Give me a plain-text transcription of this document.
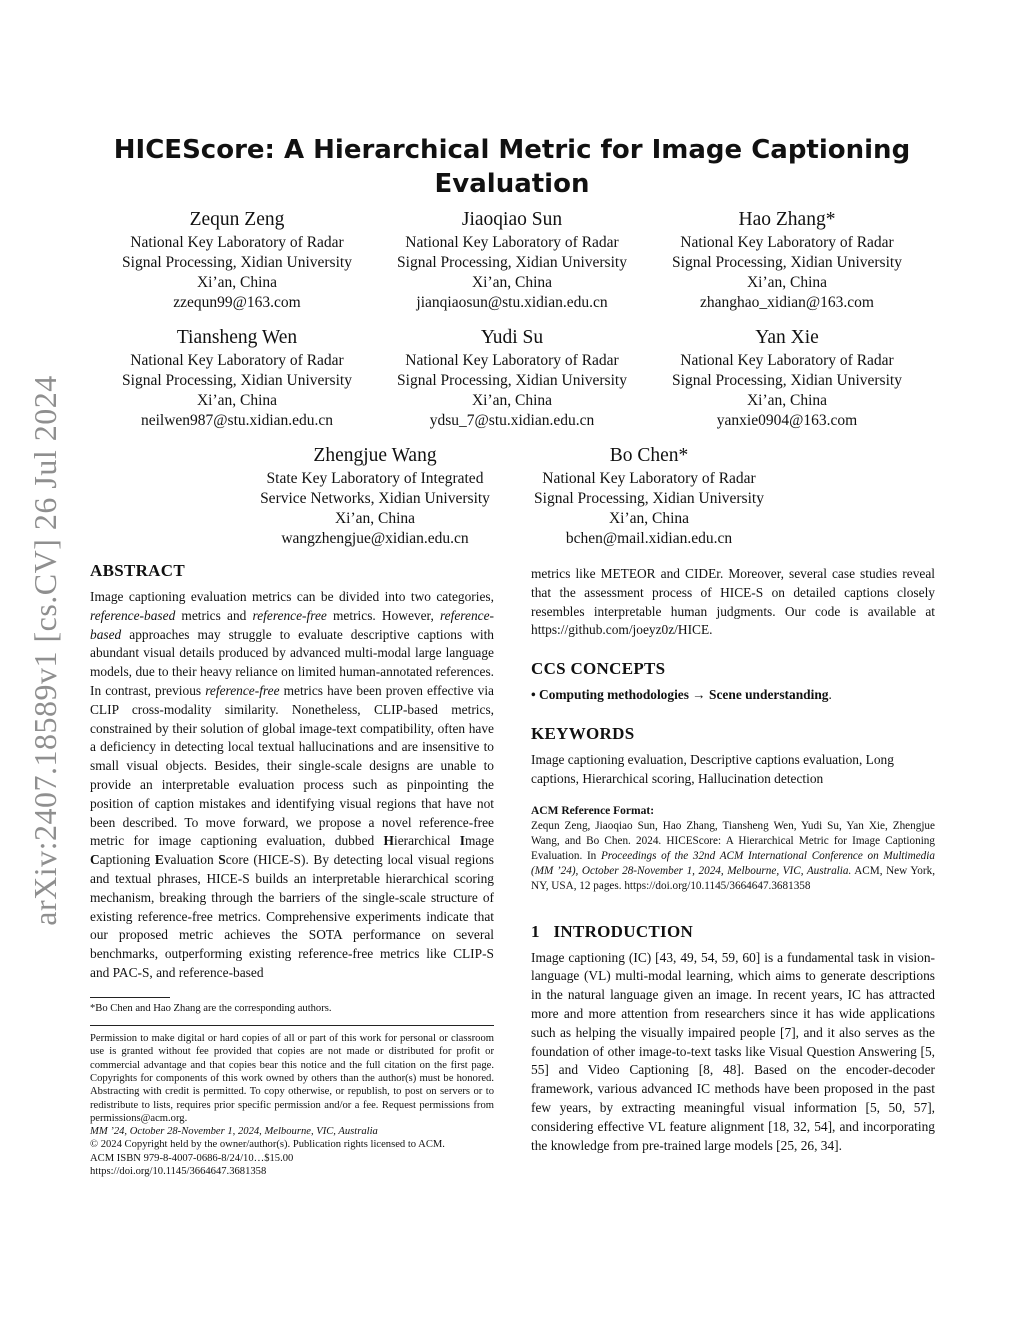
arXiv:2407.18589v1 [cs.CV] 26 Jul 2024
HICEScore: A Hierarchical Metric for Image Captioning Evaluation
Zequn Zeng
National Key Laboratory of Radar
Signal Processing, Xidian University
Xi’an, China
zzequn99@163.com
Jiaoqiao Sun
National Key Laboratory of Radar
Signal Processing, Xidian University
Xi’an, China
jianqiaosun@stu.xidian.edu.cn
Hao Zhang*
National Key Laboratory of Radar
Signal Processing, Xidian University
Xi’an, China
zhanghao_xidian@163.com
Tiansheng Wen
National Key Laboratory of Radar
Signal Processing, Xidian University
Xi’an, China
neilwen987@stu.xidian.edu.cn
Yudi Su
National Key Laboratory of Radar
Signal Processing, Xidian University
Xi’an, China
ydsu_7@stu.xidian.edu.cn
Yan Xie
National Key Laboratory of Radar
Signal Processing, Xidian University
Xi’an, China
yanxie0904@163.com
Zhengjue Wang
State Key Laboratory of Integrated
Service Networks, Xidian University
Xi’an, China
wangzhengjue@xidian.edu.cn
Bo Chen*
National Key Laboratory of Radar
Signal Processing, Xidian University
Xi’an, China
bchen@mail.xidian.edu.cn
ABSTRACT

Image captioning evaluation metrics can be divided into two categories, reference-based metrics and reference-free metrics. However, reference-based approaches may struggle to evaluate descriptive captions with abundant visual details produced by advanced multi-modal large language models, due to their heavy reliance on limited human-annotated references. In contrast, previous reference-free metrics have been proven effective via CLIP cross-modality similarity. Nonetheless, CLIP-based metrics, constrained by their solution of global image-text compatibility, often have a deficiency in detecting local textual hallucinations and are insensitive to small visual objects. Besides, their single-scale designs are unable to provide an interpretable evaluation process such as pinpointing the position of caption mistakes and identifying visual regions that have not been described. To move forward, we propose a novel reference-free metric for image captioning evaluation, dubbed Hierarchical Image Captioning Evaluation Score (HICE-S). By detecting local visual regions and textual phrases, HICE-S builds an interpretable hierarchical scoring mechanism, breaking through the barriers of the single-scale structure of existing reference-free metrics. Comprehensive experiments indicate that our proposed metric achieves the SOTA performance on several benchmarks, outperforming existing reference-free metrics like CLIP-S and PAC-S, and reference-based

*Bo Chen and Hao Zhang are the corresponding authors.

Permission to make digital or hard copies of all or part of this work for personal or classroom use is granted without fee provided that copies are not made or distributed for profit or commercial advantage and that copies bear this notice and the full citation on the first page. Copyrights for components of this work owned by others than the author(s) must be honored. Abstracting with credit is permitted. To copy otherwise, or republish, to post on servers or to redistribute to lists, requires prior specific permission and/or a fee. Request permissions from permissions@acm.org.

MM ’24, October 28-November 1, 2024, Melbourne, VIC, Australia

© 2024 Copyright held by the owner/author(s). Publication rights licensed to ACM.

ACM ISBN 979-8-4007-0686-8/24/10…$15.00

https://doi.org/10.1145/3664647.3681358

metrics like METEOR and CIDEr. Moreover, several case studies reveal that the assessment process of HICE-S on detailed captions closely resembles interpretable human judgments. Our code is available at https://github.com/joeyz0z/HICE.

CCS CONCEPTS

• Computing methodologies → Scene understanding.

KEYWORDS

Image captioning evaluation, Descriptive captions evaluation, Long captions, Hierarchical scoring, Hallucination detection

ACM Reference Format:

Zequn Zeng, Jiaoqiao Sun, Hao Zhang, Tiansheng Wen, Yudi Su, Yan Xie, Zhengjue Wang, and Bo Chen. 2024. HICEScore: A Hierarchical Metric for Image Captioning Evaluation. In Proceedings of the 32nd ACM International Conference on Multimedia (MM ’24), October 28-November 1, 2024, Melbourne, VIC, Australia. ACM, New York, NY, USA, 12 pages. https://doi.org/10.1145/3664647.3681358

1   INTRODUCTION

Image captioning (IC) [43, 49, 54, 59, 60] is a fundamental task in vision-language (VL) multi-modal learning, which aims to generate descriptions in the natural language given an image. In recent years, IC has attracted more and more attention from researchers since it has wide applications such as helping the visually impaired people [7], and it also serves as the foundation of other image-to-text tasks like Visual Question Answering [5, 55] and Video Captioning [8, 48]. Based on the encoder-decoder framework, various advanced IC methods have been proposed in the past few years, by extracting meaningful visual information [5, 50, 57], considering effective VL feature alignment [18, 32, 54], and incorporating the knowledge from pre-trained large models [25, 26, 34].
